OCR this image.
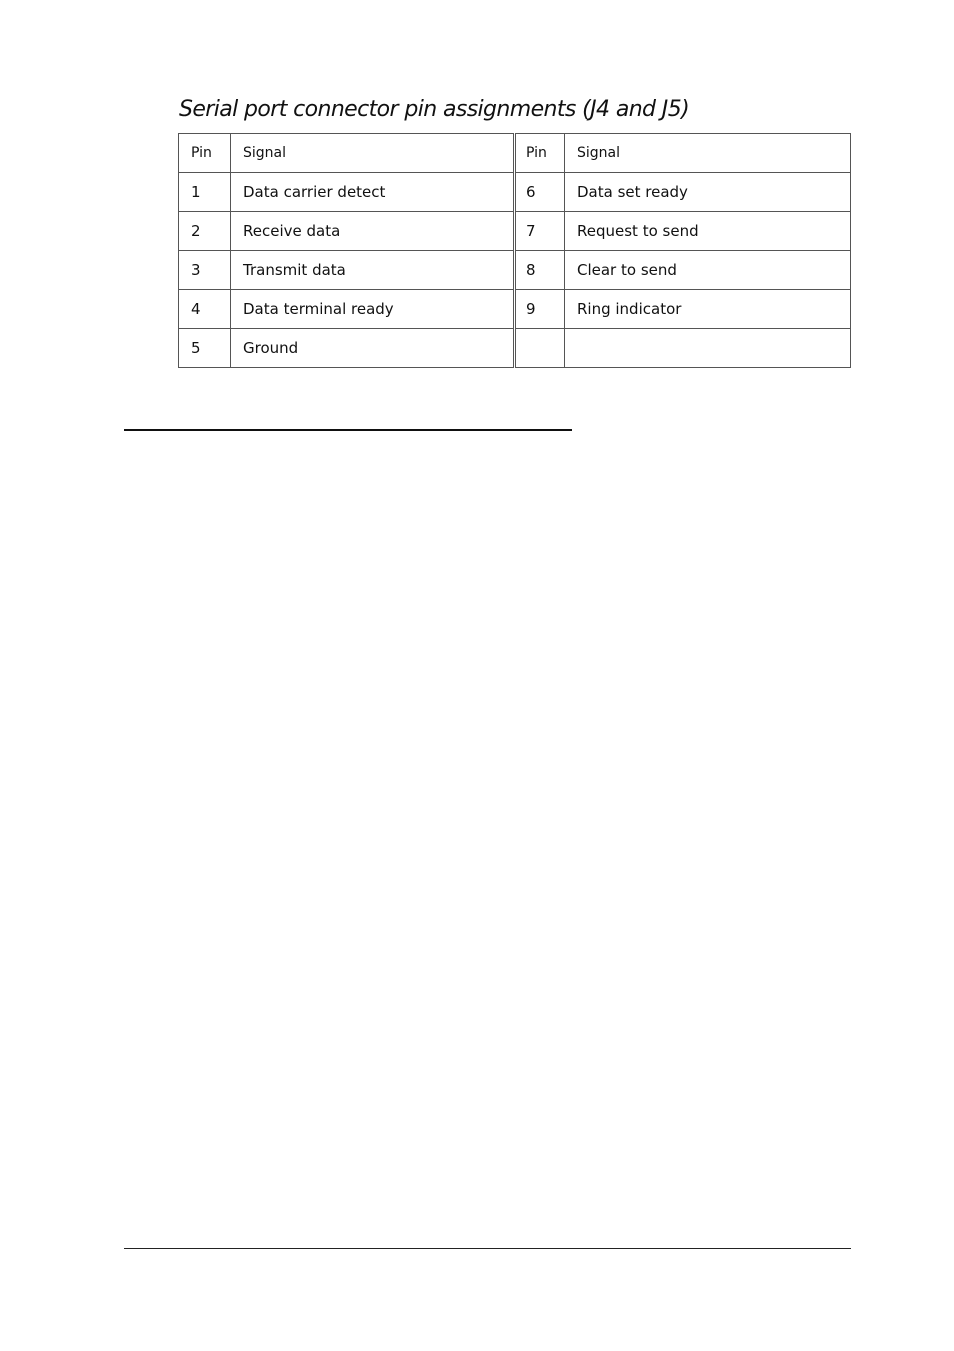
Serial port connector pin assignments (J4 and J5)
Pin	Signal	Pin	Signal
1	Data carrier detect	6	Data set ready
2	Receive data	7	Request to send
3	Transmit data	8	Clear to send
4	Data terminal ready	9	Ring indicator
5	Ground		
